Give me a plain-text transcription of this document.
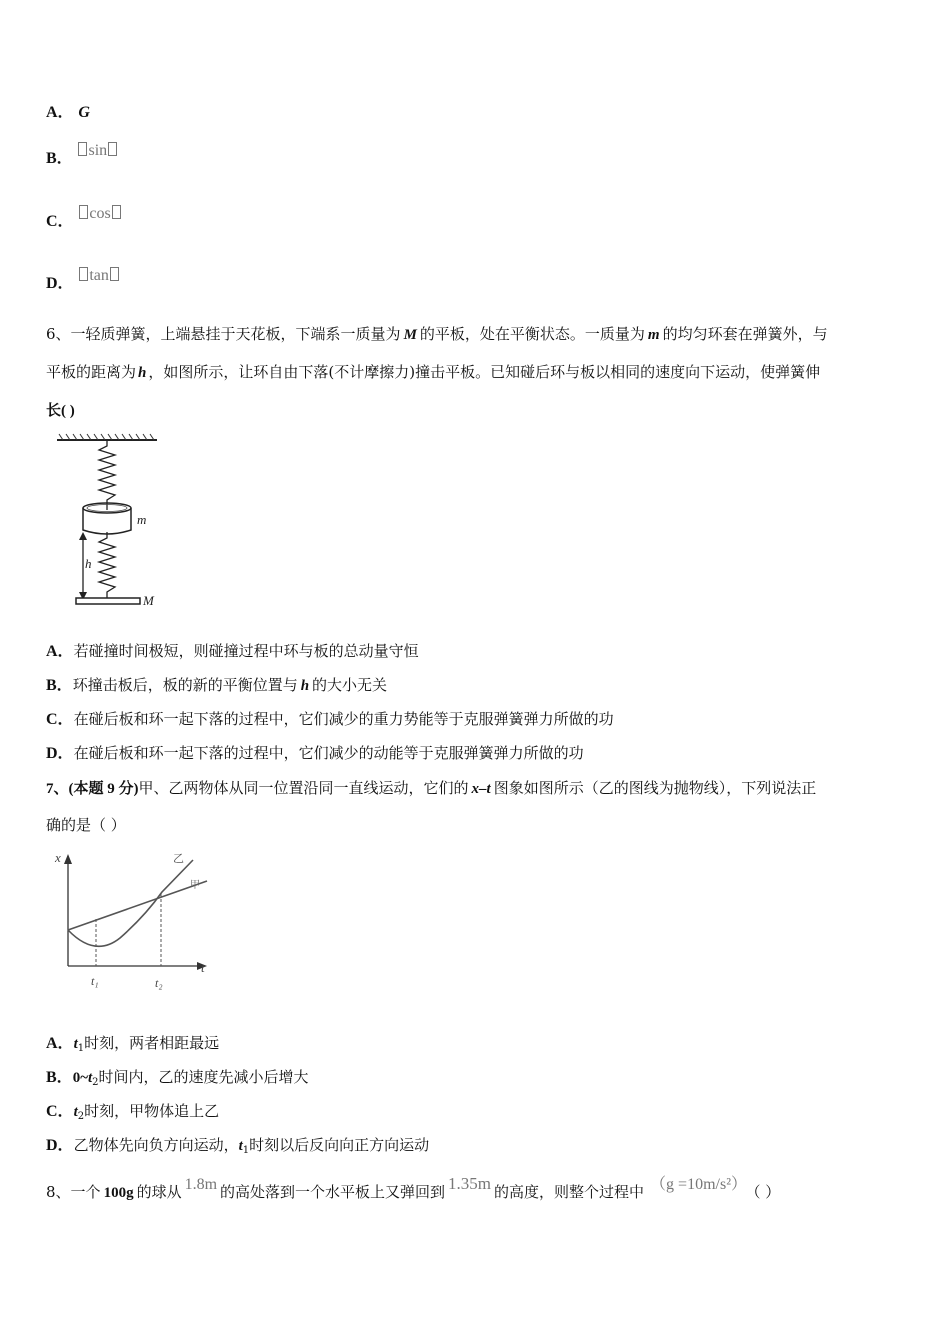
A． G
B． sin
C． cos
D． tan
6、一轻质弹簧，上端悬挂于天花板，下端系一质量为 M 的平板，处在平衡状态。一质量为 m 的均匀环套在弹簧外，与
平板的距离为 h ，如图所示，让环自由下落(不计摩擦力)撞击平板。已知碰后环与板以相同的速度向下运动，使弹簧伸
长( )
m
h
M
A．若碰撞时间极短，则碰撞过程中环与板的总动量守恒
B．环撞击板后，板的新的平衡位置与 h 的大小无关
C．在碰后板和环一起下落的过程中，它们减少的重力势能等于克服弹簧弹力所做的功
D．在碰后板和环一起下落的过程中，它们减少的动能等于克服弹簧弹力所做的功
7、(本题 9 分)甲、乙两物体从同一位置沿同一直线运动，它们的 x–t 图象如图所示（乙的图线为抛物线），下列说法正
确的是（ ）
x
t
甲
乙
t₁	t₂
A．$t_1$时刻，两者相距最远
B．$0\sim t_2$时间内，乙的速度先减小后增大
C．$t_2$时刻，甲物体追上乙
D．乙物体先向负方向运动，$t_1$时刻以后反向向正方向运动
8、一个 100g 的球从 1.8m 的高处落到一个水平板上又弹回到 1.35m 的高度，则整个过程中 （g =10m/s²） （ ）
